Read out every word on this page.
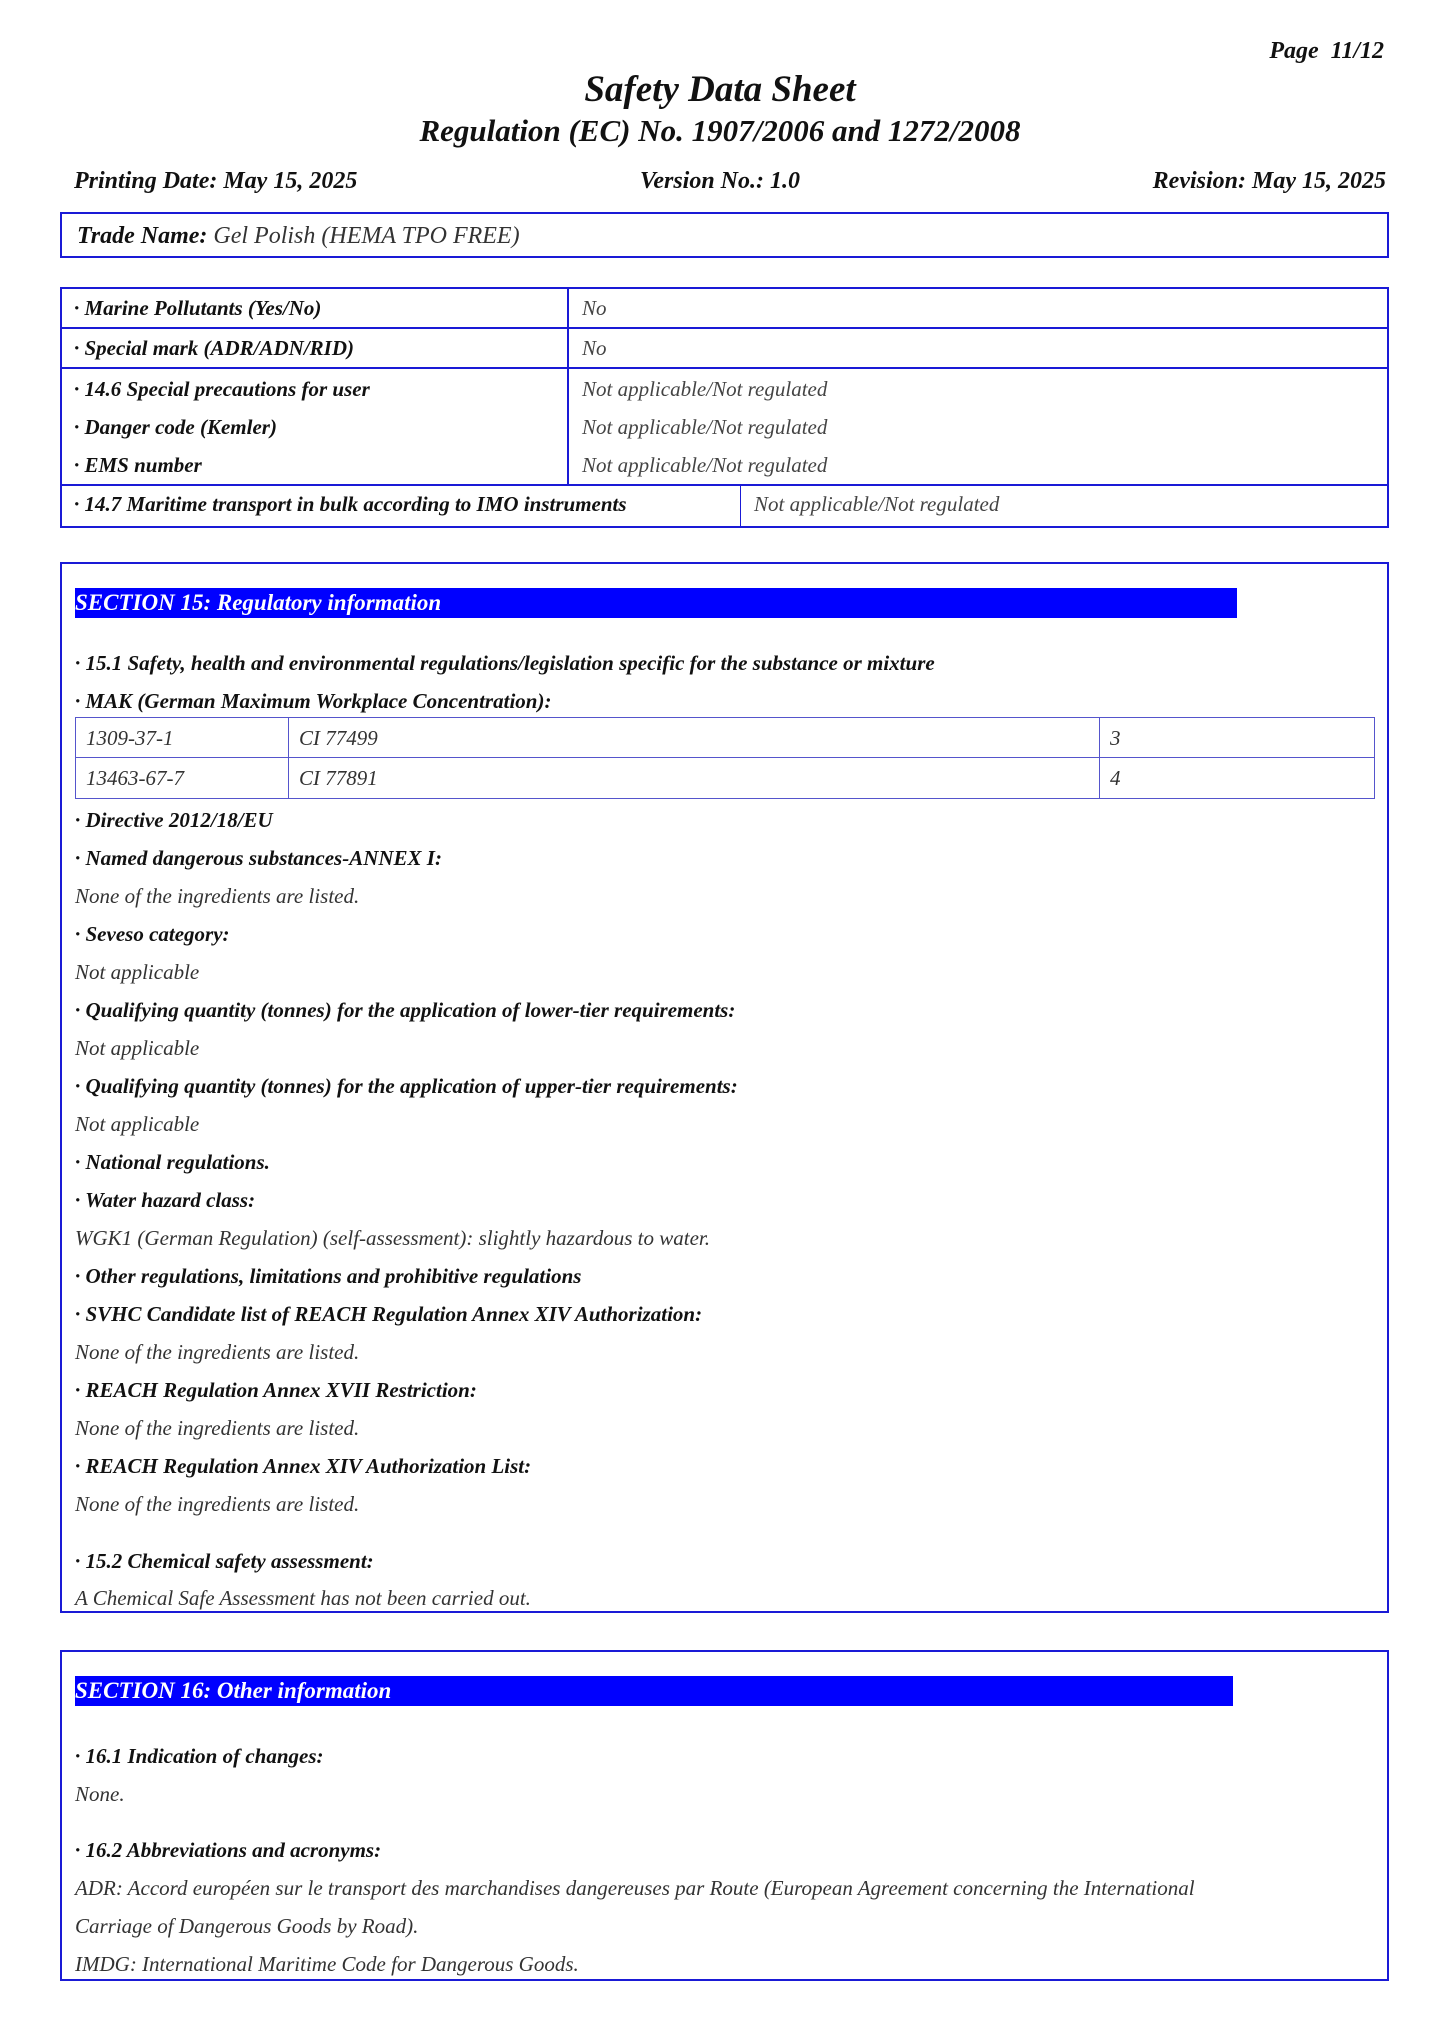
Page 11/12
Safety Data Sheet
Regulation (EC) No. 1907/2006 and 1272/2008
Printing Date: May 15, 2025	Version No.: 1.0	Revision: May 15, 2025
Trade Name: Gel Polish (HEMA TPO FREE)
· Marine Pollutants (Yes/No)	No
· Special mark (ADR/ADN/RID)	No
· 14.6 Special precautions for user	Not applicable/Not regulated
· Danger code (Kemler)	Not applicable/Not regulated
· EMS number	Not applicable/Not regulated
· 14.7 Maritime transport in bulk according to IMO instruments	Not applicable/Not regulated
SECTION 15: Regulatory information
· 15.1 Safety, health and environmental regulations/legislation specific for the substance or mixture
· MAK (German Maximum Workplace Concentration):
1309-37-1	CI 77499	3
13463-67-7	CI 77891	4
· Directive 2012/18/EU
· Named dangerous substances-ANNEX I:
None of the ingredients are listed.
· Seveso category:
Not applicable
· Qualifying quantity (tonnes) for the application of lower-tier requirements:
Not applicable
· Qualifying quantity (tonnes) for the application of upper-tier requirements:
Not applicable
· National regulations.
· Water hazard class:
WGK1 (German Regulation) (self-assessment): slightly hazardous to water.
· Other regulations, limitations and prohibitive regulations
· SVHC Candidate list of REACH Regulation Annex XIV Authorization:
None of the ingredients are listed.
· REACH Regulation Annex XVII Restriction:
None of the ingredients are listed.
· REACH Regulation Annex XIV Authorization List:
None of the ingredients are listed.
· 15.2 Chemical safety assessment:
A Chemical Safe Assessment has not been carried out.
SECTION 16: Other information
· 16.1 Indication of changes:
None.
· 16.2 Abbreviations and acronyms:
ADR: Accord européen sur le transport des marchandises dangereuses par Route (European Agreement concerning the International
Carriage of Dangerous Goods by Road).
IMDG: International Maritime Code for Dangerous Goods.
